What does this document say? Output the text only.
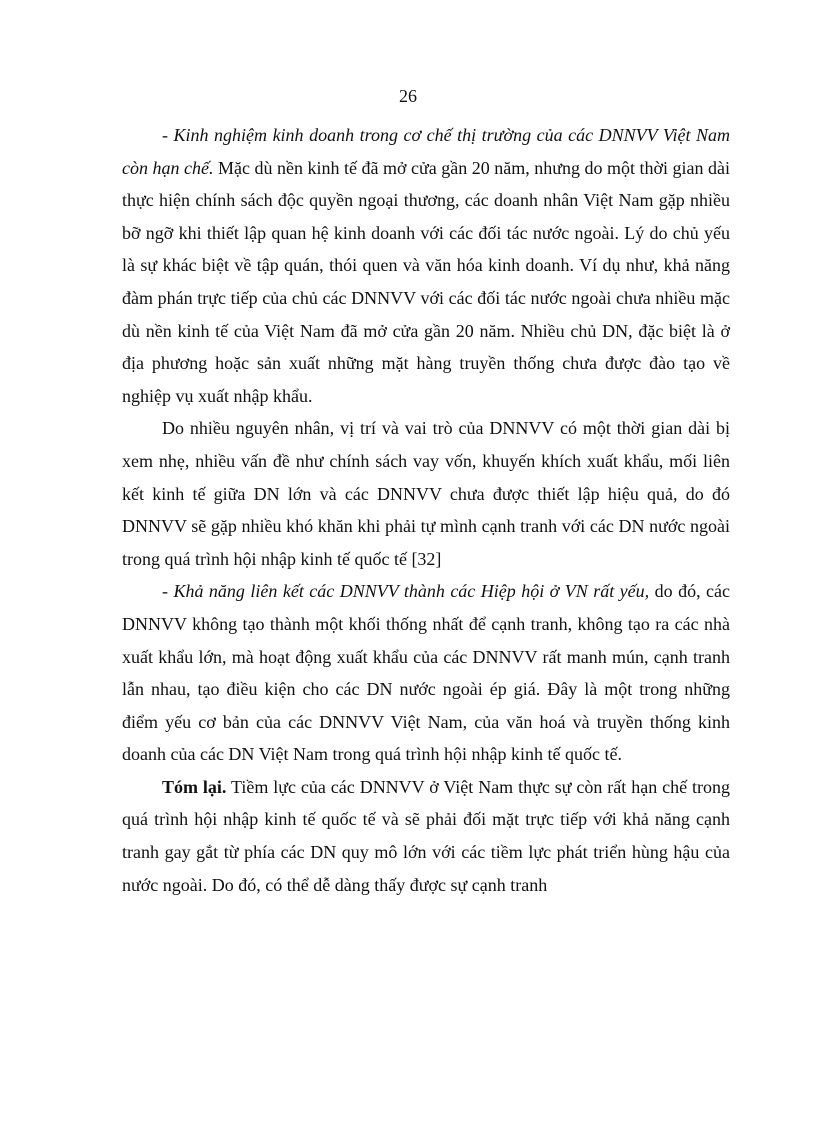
26

- Kinh nghiệm kinh doanh trong cơ chế thị trường của các DNNVV Việt Nam còn hạn chế. Mặc dù nền kinh tế đã mở cửa gần 20 năm, nhưng do một thời gian dài thực hiện chính sách độc quyền ngoại thương, các doanh nhân Việt Nam gặp nhiều bỡ ngỡ khi thiết lập quan hệ kinh doanh với các đối tác nước ngoài. Lý do chủ yếu là sự khác biệt về tập quán, thói quen và văn hóa kinh doanh. Ví dụ như, khả năng đàm phán trực tiếp của chủ các DNNVV với các đối tác nước ngoài chưa nhiều mặc dù nền kinh tế của Việt Nam đã mở cửa gần 20 năm. Nhiều chủ DN, đặc biệt là ở địa phương hoặc sản xuất những mặt hàng truyền thống chưa được đào tạo về nghiệp vụ xuất nhập khẩu.

Do nhiều nguyên nhân, vị trí và vai trò của DNNVV có một thời gian dài bị xem nhẹ, nhiều vấn đề như chính sách vay vốn, khuyến khích xuất khẩu, mối liên kết kinh tế giữa DN lớn và các DNNVV chưa được thiết lập hiệu quả, do đó DNNVV sẽ gặp nhiều khó khăn khi phải tự mình cạnh tranh với các DN nước ngoài trong quá trình hội nhập kinh tế quốc tế [32]

- Khả năng liên kết các DNNVV thành các Hiệp hội ở VN rất yếu, do đó, các DNNVV không tạo thành một khối thống nhất để cạnh tranh, không tạo ra các nhà xuất khẩu lớn, mà hoạt động xuất khẩu của các DNNVV rất manh mún, cạnh tranh lẫn nhau, tạo điều kiện cho các DN nước ngoài ép giá. Đây là một trong những điểm yếu cơ bản của các DNNVV Việt Nam, của văn hoá và truyền thống kinh doanh của các DN Việt Nam trong quá trình hội nhập kinh tế quốc tế.

Tóm lại. Tiềm lực của các DNNVV ở Việt Nam thực sự còn rất hạn chế trong quá trình hội nhập kinh tế quốc tế và sẽ phải đối mặt trực tiếp với khả năng cạnh tranh gay gắt từ phía các DN quy mô lớn với các tiềm lực phát triển hùng hậu của nước ngoài. Do đó, có thể dễ dàng thấy được sự cạnh tranh
